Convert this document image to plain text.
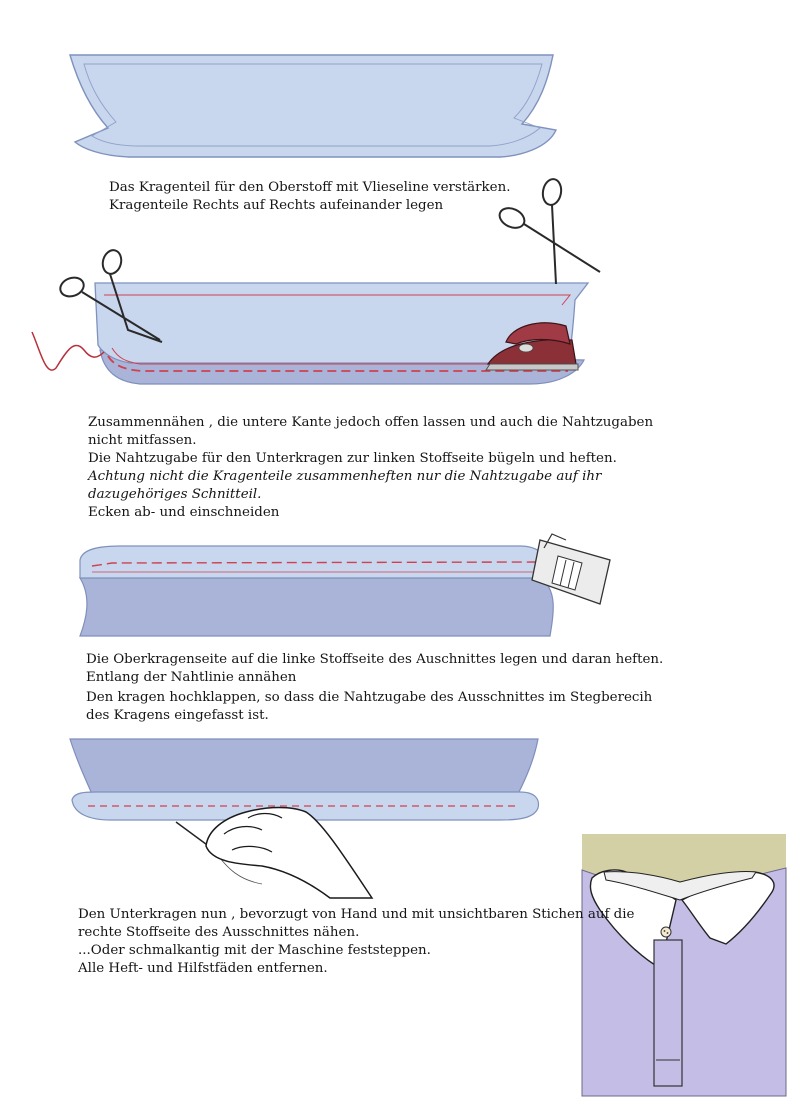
Das Kragenteil für den Oberstoff mit Vlieseline verstärken.
Kragenteile Rechts auf Rechts aufeinander legen
Zusammennähen , die untere Kante jedoch offen lassen und auch die Nahtzugaben
nicht mitfassen.
Die Nahtzugabe für den Unterkragen zur linken Stoffseite bügeln und heften.
Achtung nicht die Kragenteile zusammenheften nur die Nahtzugabe auf ihr
dazugehöriges Schnitteil.
Ecken ab- und einschneiden
Die Oberkragenseite auf die linke Stoffseite des Auschnittes legen und daran heften.
Entlang der Nahtlinie annähen
Den kragen hochklappen, so dass die Nahtzugabe des Ausschnittes im Stegberecih
des Kragens eingefasst ist.
Den Unterkragen nun , bevorzugt von Hand und mit unsichtbaren Stichen auf die
rechte Stoffseite des Ausschnittes nähen.
...Oder schmalkantig mit der Maschine feststeppen.
Alle Heft- und Hilfstfäden entfernen.
